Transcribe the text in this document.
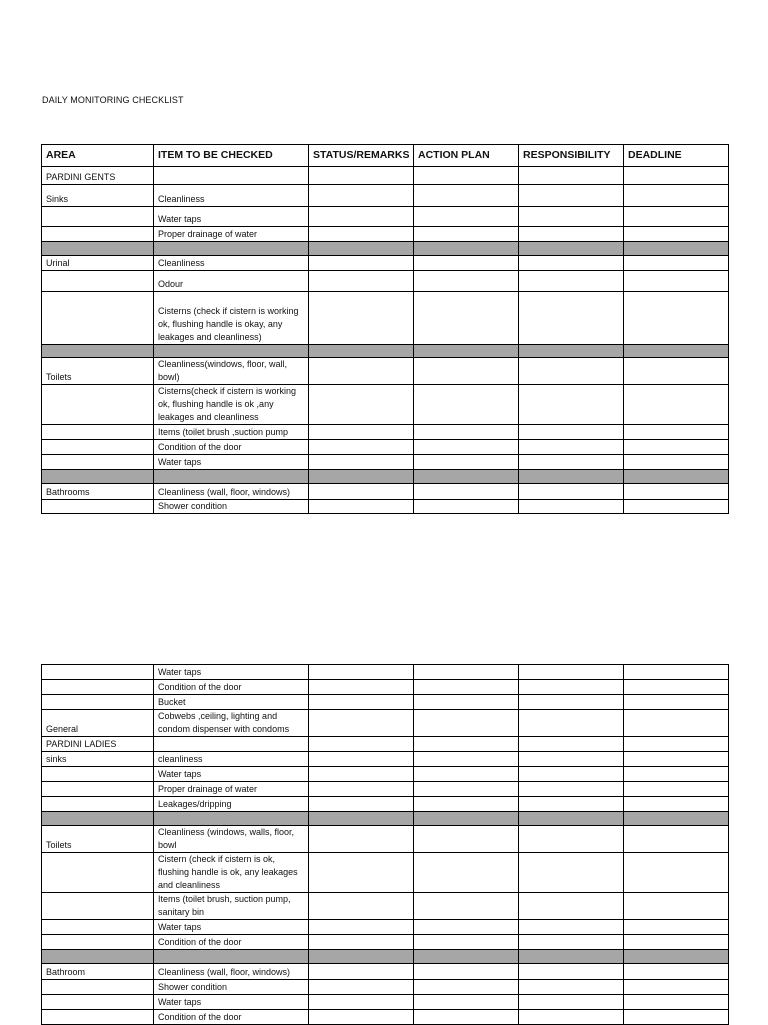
DAILY MONITORING CHECKLIST
AREA	ITEM TO BE CHECKED	STATUS/REMARKS	ACTION PLAN	RESPONSIBILITY	DEADLINE
PARDINI GENTS					
Sinks	Cleanliness				
	Water taps				
	Proper drainage of water				

Urinal	Cleanliness				
	Odour				
	Cisterns (check if cistern is working ok, flushing handle is okay, any leakages and cleanliness)				

Toilets	Cleanliness(windows, floor, wall, bowl)				
	Cisterns(check if cistern is working ok, flushing handle is ok ,any leakages and cleanliness				
	Items (toilet brush ,suction pump				
	Condition of the door				
	Water taps				

Bathrooms	Cleanliness (wall, floor, windows)				
	Shower condition				
	Water taps				
	Condition of the door				
	Bucket				
General	Cobwebs ,ceiling, lighting and condom dispenser with condoms				
PARDINI LADIES					
sinks	cleanliness				
	Water taps				
	Proper drainage of water				
	Leakages/dripping				

Toilets	Cleanliness (windows, walls, floor, bowl				
	Cistern (check if cistern is ok, flushing handle is ok, any leakages and cleanliness				
	Items (toilet brush, suction pump, sanitary bin				
	Water taps				
	Condition of the door				

Bathroom	Cleanliness (wall, floor, windows)				
	Shower condition				
	Water taps				
	Condition of the door				
